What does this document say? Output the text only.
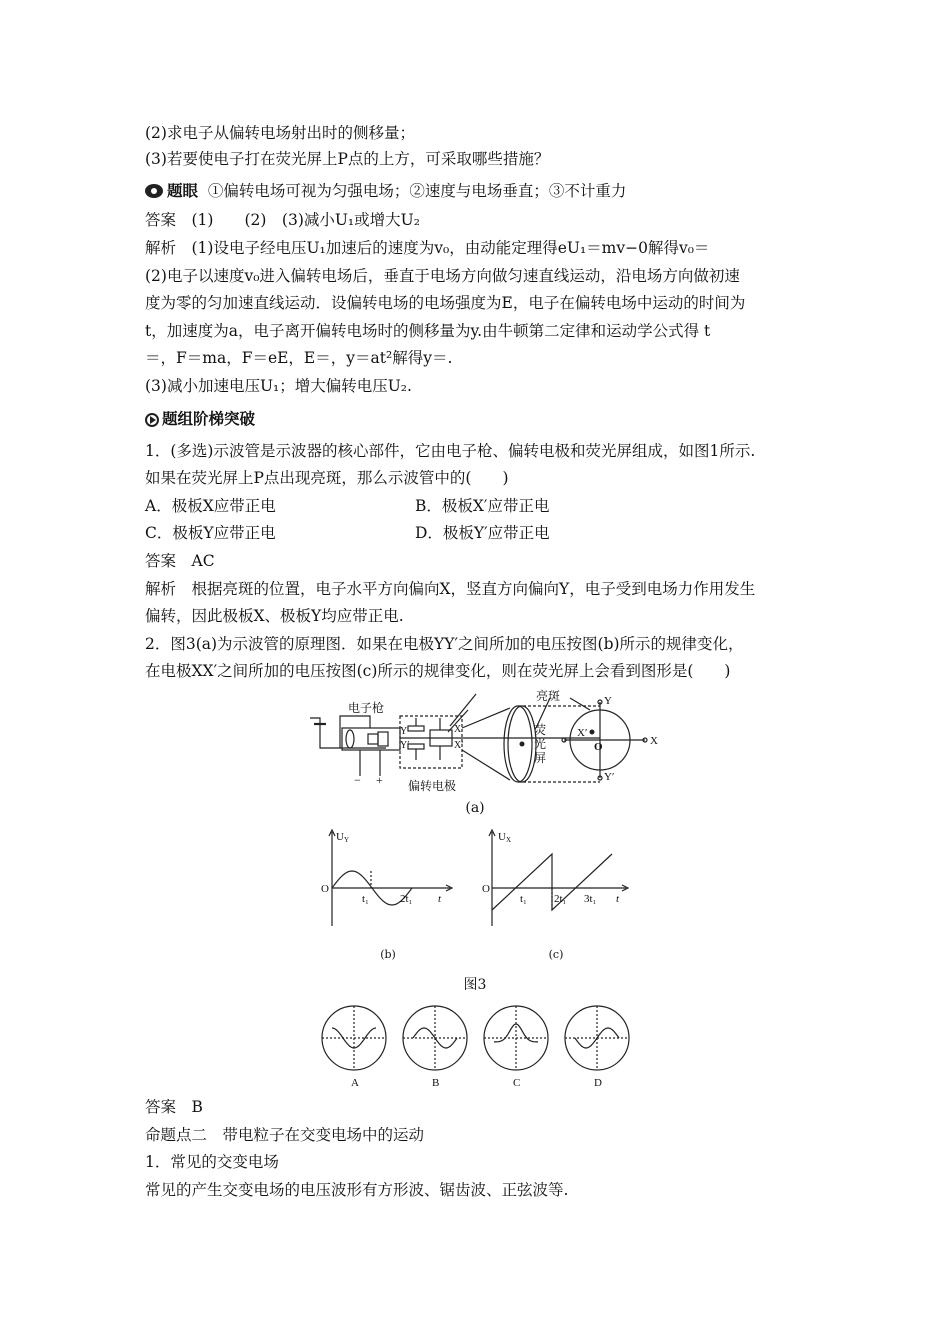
(2)求电子从偏转电场射出时的侧移量；
(3)若要使电子打在荧光屏上P点的上方，可采取哪些措施？
题眼 ①偏转电场可视为匀强电场；②速度与电场垂直；③不计重力
答案　(1)　　(2)　(3)减小U₁或增大U₂
解析　(1)设电子经电压U₁加速后的速度为v₀，由动能定理得eU₁＝mv−0解得v₀＝
(2)电子以速度v₀进入偏转电场后，垂直于电场方向做匀速直线运动，沿电场方向做初速
度为零的匀加速直线运动．设偏转电场的电场强度为E，电子在偏转电场中运动的时间为
t，加速度为a，电子离开偏转电场时的侧移量为y.由牛顿第二定律和运动学公式得 t
＝，F＝ma，F＝eE，E＝，y＝at²解得y＝.
(3)减小加速电压U₁；增大偏转电压U₂.
题组阶梯突破
1．(多选)示波管是示波器的核心部件，它由电子枪、偏转电极和荧光屏组成，如图1所示.
如果在荧光屏上P点出现亮斑，那么示波管中的(　　)
A．极板X应带正电	B．极板X′应带正电
C．极板Y应带正电	D．极板Y′应带正电
答案　AC
解析　根据亮斑的位置，电子水平方向偏向X，竖直方向偏向Y，电子受到电场力作用发生
偏转，因此极板X、极板Y均应带正电.
2．图3(a)为示波管的原理图．如果在电极YY′之间所加的电压按图(b)所示的规律变化，
在电极XX′之间所加的电压按图(c)所示的规律变化，则在荧光屏上会看到图形是(　　)
电子枪
亮斑
荧
光
屏
偏转电极
Y
Y′
X
X′
Y
Y′
X
X′
O
− +
(a)
UY
O
t₁	2t₁ t
UX
O
t₁ 2t₁ 3t₁ t
(b)	(c)
图3
A	B	C	D
答案　B
命题点二　带电粒子在交变电场中的运动
1．常见的交变电场
常见的产生交变电场的电压波形有方形波、锯齿波、正弦波等.
